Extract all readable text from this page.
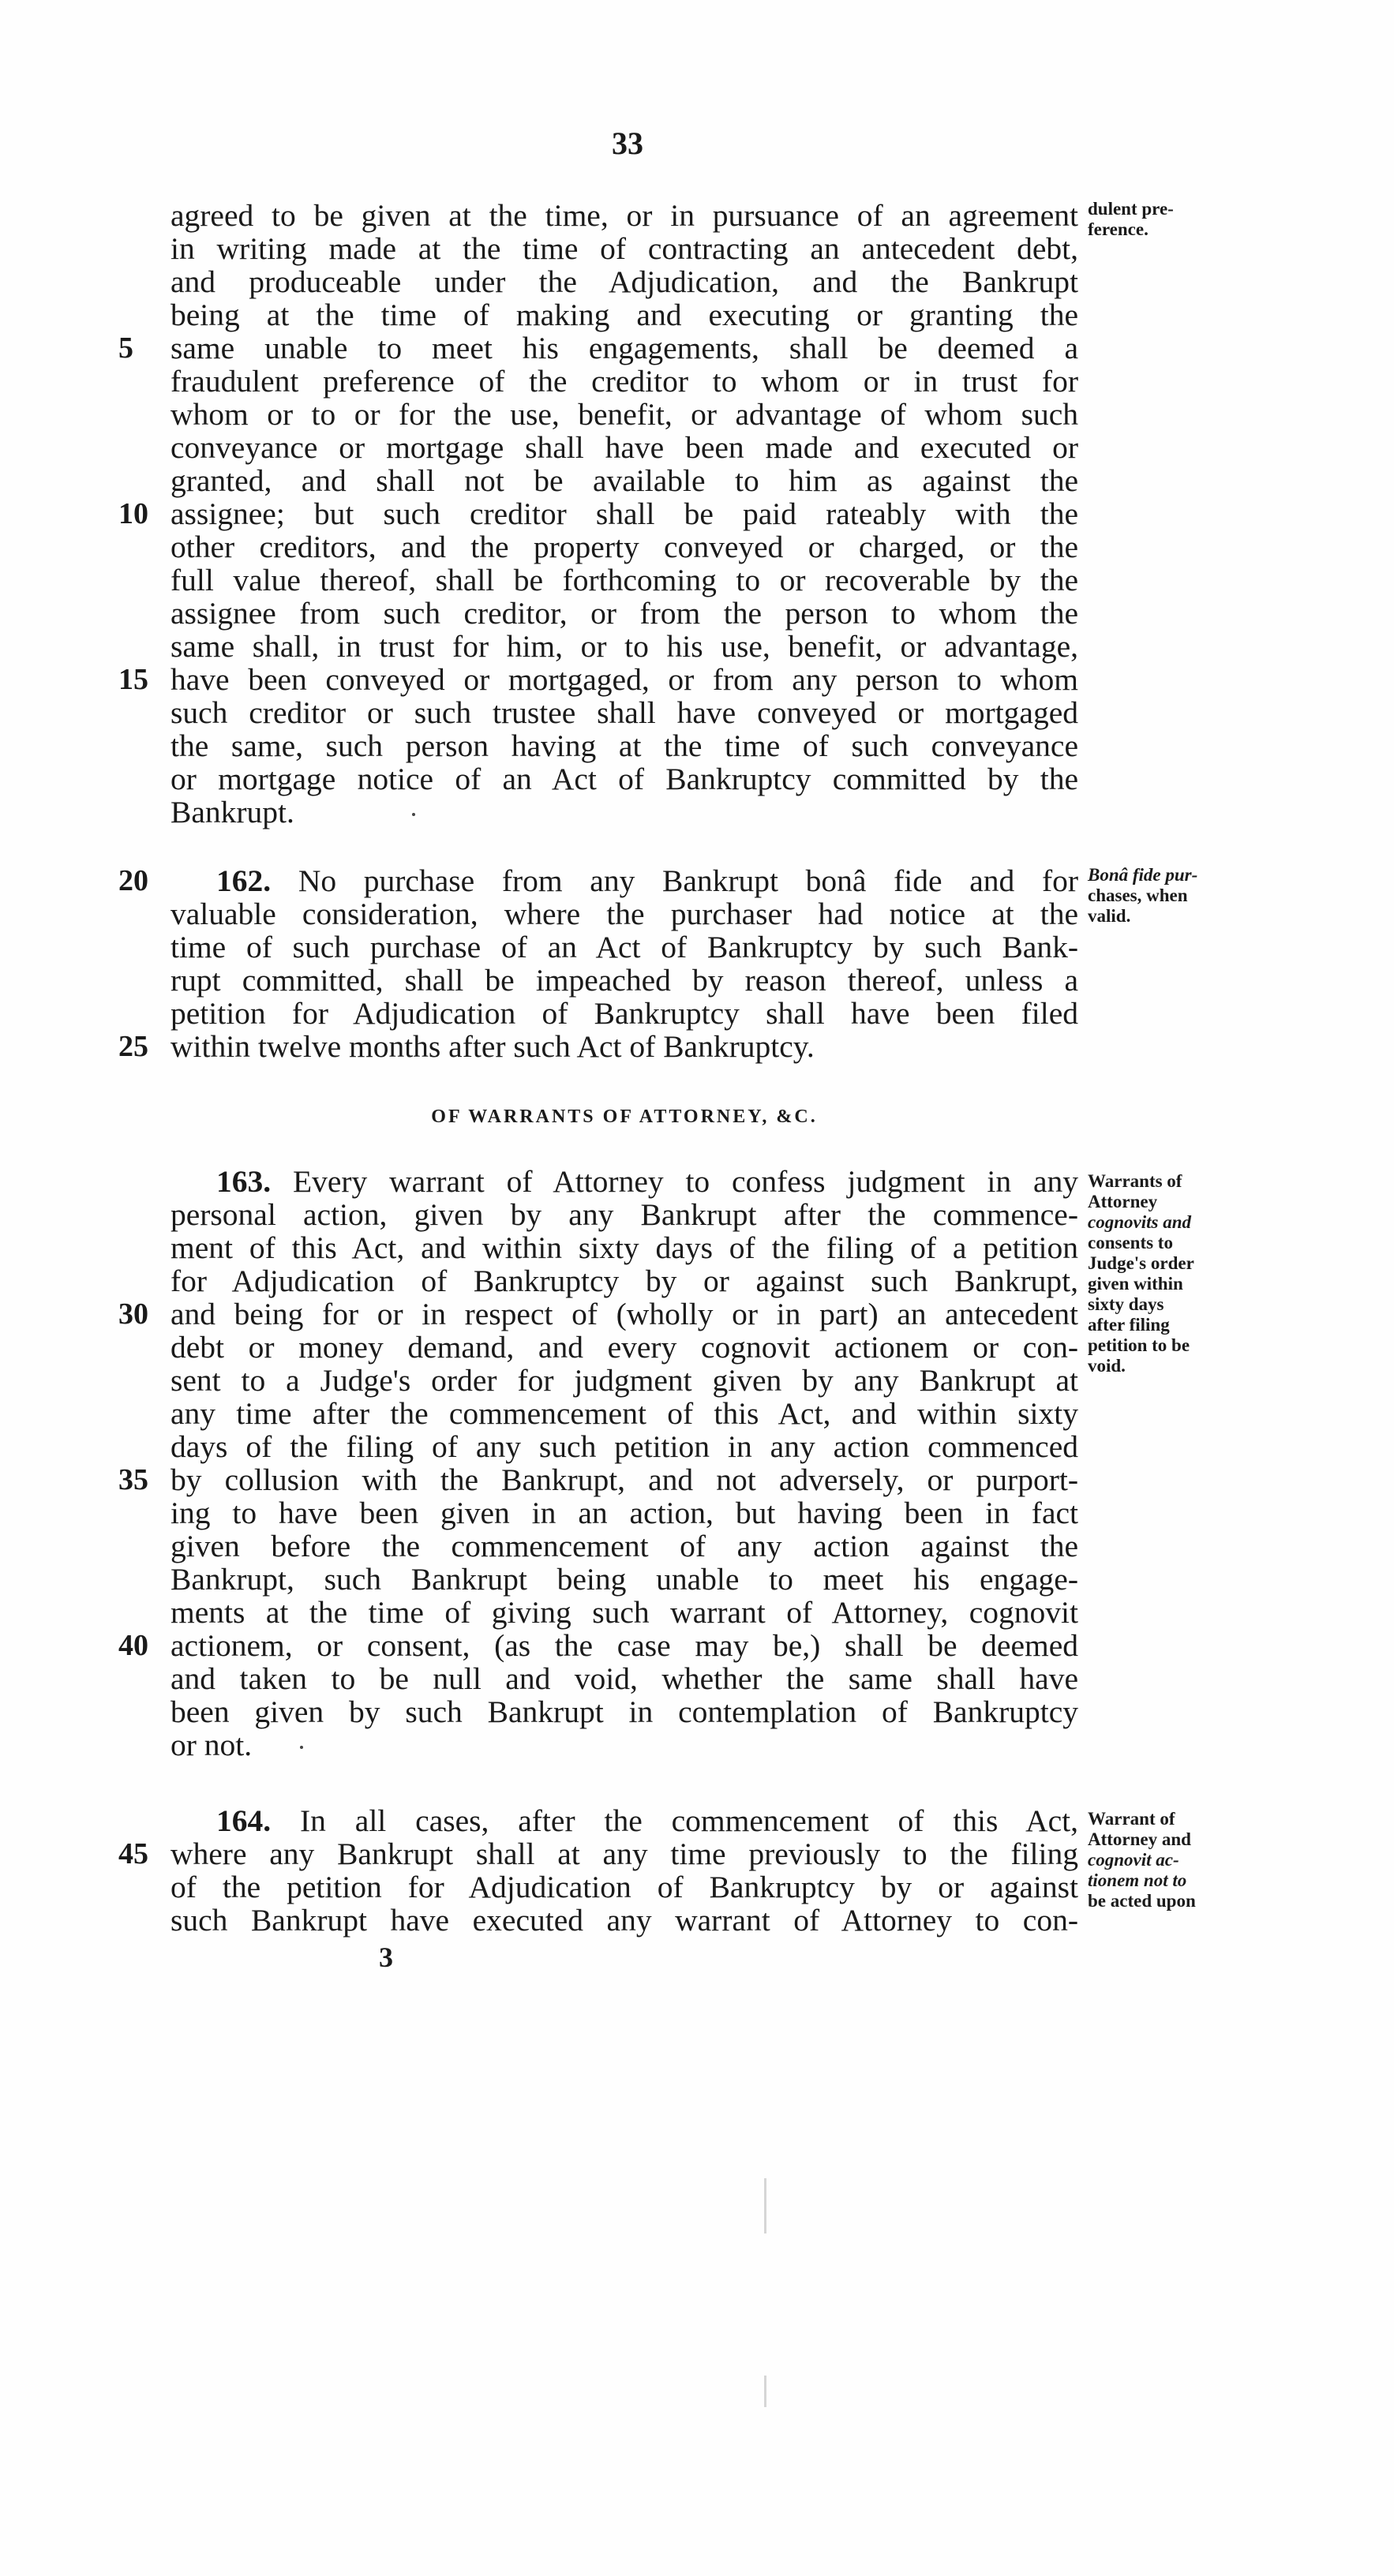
33
agreed to be given at the time, or in pursuance of an agreement
in writing made at the time of contracting an antecedent debt,
and produceable under the Adjudication, and the Bankrupt
being at the time of making and executing or granting the
5	same unable to meet his engagements, shall be deemed a
fraudulent preference of the creditor to whom or in trust for
whom or to or for the use, benefit, or advantage of whom such
conveyance or mortgage shall have been made and executed or
granted, and shall not be available to him as against the
10 assignee; but such creditor shall be paid rateably with the
other creditors, and the property conveyed or charged, or the
full value thereof, shall be forthcoming to or recoverable by the
assignee from such creditor, or from the person to whom the
same shall, in trust for him, or to his use, benefit, or advantage,
15 have been conveyed or mortgaged, or from any person to whom
such creditor or such trustee shall have conveyed or mortgaged
the same, such person having at the time of such conveyance
or mortgage notice of an Act of Bankruptcy committed by the
Bankrupt.
dulent pre-
ference.
20	162. No purchase from any Bankrupt bonâ fide and for
valuable consideration, where the purchaser had notice at the
time of such purchase of an Act of Bankruptcy by such Bank-
rupt committed, shall be impeached by reason thereof, unless a
petition for Adjudication of Bankruptcy shall have been filed
25 within twelve months after such Act of Bankruptcy.
Bonâ fide pur-
chases, when
valid.
OF WARRANTS OF ATTORNEY, &C.
163. Every warrant of Attorney to confess judgment in any
personal action, given by any Bankrupt after the commence-
ment of this Act, and within sixty days of the filing of a petition
for Adjudication of Bankruptcy by or against such Bankrupt,
30 and being for or in respect of (wholly or in part) an antecedent
debt or money demand, and every cognovit actionem or con-
sent to a Judge's order for judgment given by any Bankrupt at
any time after the commencement of this Act, and within sixty
days of the filing of any such petition in any action commenced
35 by collusion with the Bankrupt, and not adversely, or purport-
ing to have been given in an action, but having been in fact
given before the commencement of any action against the
Bankrupt, such Bankrupt being unable to meet his engage-
ments at the time of giving such warrant of Attorney, cognovit
40 actionem, or consent, (as the case may be,) shall be deemed
and taken to be null and void, whether the same shall have
been given by such Bankrupt in contemplation of Bankruptcy
or not.
Warrants of
Attorney
cognovits and
consents to
Judge's order
given within
sixty days
after filing
petition to be
void.
164. In all cases, after the commencement of this Act,
45 where any Bankrupt shall at any time previously to the filing
of the petition for Adjudication of Bankruptcy by or against
such Bankrupt have executed any warrant of Attorney to con-
Warrant of
Attorney and
cognovit ac-
tionem not to
be acted upon
3
